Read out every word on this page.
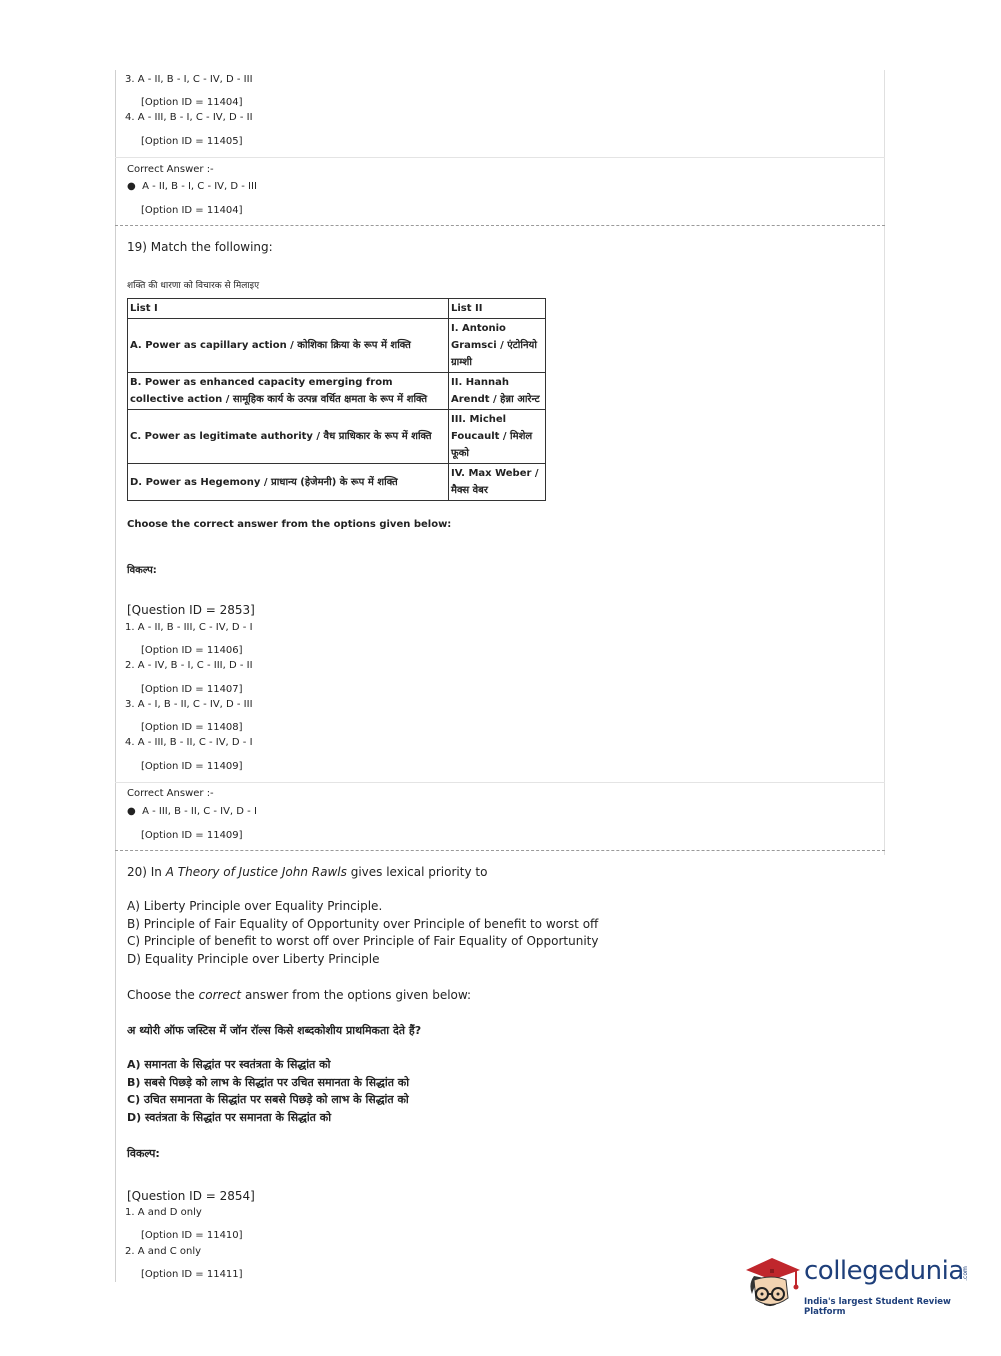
3. A - II, B - I, C - IV, D - III
[Option ID = 11404]
4. A - III, B - I, C - IV, D - II
[Option ID = 11405]
Correct Answer :-
● A - II, B - I, C - IV, D - III
[Option ID = 11404]
19) Match the following:
शक्ति की धारणा को विचारक से मिलाइए
List I	List II
A. Power as capillary action / कोशिका क्रिया के रूप में शक्ति	I. Antonio Gramsci / एंटोनियो ग्राम्शी
B. Power as enhanced capacity emerging from collective action / सामूहिक कार्य के उत्पन्न वर्धित क्षमता के रूप में शक्ति	II. Hannah Arendt / हेन्ना आरेन्ट
C. Power as legitimate authority / वैध प्राधिकार के रूप में शक्ति	III. Michel Foucault / मिशेल फूको
D. Power as Hegemony / प्राधान्य (हेजेमनी) के रूप में शक्ति	IV. Max Weber / मैक्स वेबर
Choose the correct answer from the options given below:
विकल्प:
[Question ID = 2853]
1. A - II, B - III, C - IV, D - I
[Option ID = 11406]
2. A - IV, B - I, C - III, D - II
[Option ID = 11407]
3. A - I, B - II, C - IV, D - III
[Option ID = 11408]
4. A - III, B - II, C - IV, D - I
[Option ID = 11409]
Correct Answer :-
● A - III, B - II, C - IV, D - I
[Option ID = 11409]
20) In A Theory of Justice John Rawls gives lexical priority to
A) Liberty Principle over Equality Principle.
B) Principle of Fair Equality of Opportunity over Principle of benefit to worst off
C) Principle of benefit to worst off over Principle of Fair Equality of Opportunity
D) Equality Principle over Liberty Principle
Choose the correct answer from the options given below:
अ थ्योरी ऑफ जस्टिस में जॉन रॉल्स किसे शब्दकोशीय प्राथमिकता देते हैं?
A) समानता के सिद्धांत पर स्वतंत्रता के सिद्धांत को
B) सबसे पिछड़े को लाभ के सिद्धांत पर उचित समानता के सिद्धांत को
C) उचित समानता के सिद्धांत पर सबसे पिछड़े को लाभ के सिद्धांत को
D) स्वतंत्रता के सिद्धांत पर समानता के सिद्धांत को
विकल्प:
[Question ID = 2854]
1. A and D only
[Option ID = 11410]
2. A and C only
[Option ID = 11411]	collegedunia
.com
India's largest Student Review Platform
